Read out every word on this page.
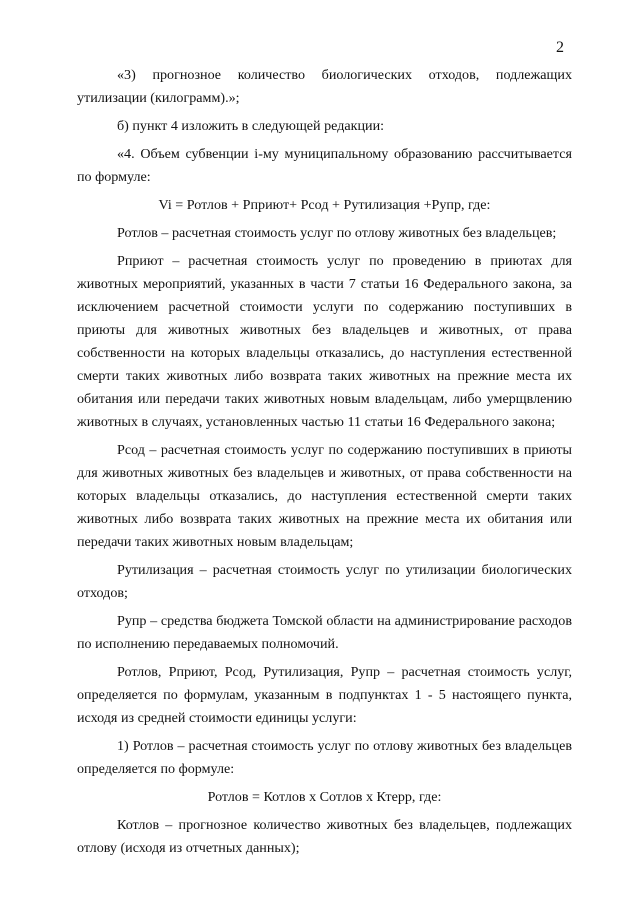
2

«3) прогнозное количество биологических отходов, подлежащих утилизации (килограмм).»;

б) пункт 4 изложить в следующей редакции:

«4. Объем субвенции i-му муниципальному образованию рассчитывается по формуле:

Vi = Ротлов + Рприют+ Рсод + Рутилизация +Рупр, где:

Ротлов – расчетная стоимость услуг по отлову животных без владельцев;

Рприют – расчетная стоимость услуг по проведению в приютах для животных мероприятий, указанных в части 7 статьи 16 Федерального закона, за исключением расчетной стоимости услуги по содержанию поступивших в приюты для животных животных без владельцев и животных, от права собственности на которых владельцы отказались, до наступления естественной смерти таких животных либо возврата таких животных на прежние места их обитания или передачи таких животных новым владельцам, либо умерщвлению животных в случаях, установленных частью 11 статьи 16 Федерального закона;

Рсод – расчетная стоимость услуг по содержанию поступивших в приюты для животных животных без владельцев и животных, от права собственности на которых владельцы отказались, до наступления естественной смерти таких животных либо возврата таких животных на прежние места их обитания или передачи таких животных новым владельцам;

Рутилизация – расчетная стоимость услуг по утилизации биологических отходов;

Рупр – средства бюджета Томской области на администрирование расходов по исполнению передаваемых полномочий.

Ротлов, Рприют, Рсод, Рутилизация, Рупр – расчетная стоимость услуг, определяется по формулам, указанным в подпунктах 1 - 5 настоящего пункта, исходя из средней стоимости единицы услуги:

1) Ротлов – расчетная стоимость услуг по отлову животных без владельцев определяется по формуле:

Ротлов = Котлов x Сотлов x Ктерр, где:

Котлов – прогнозное количество животных без владельцев, подлежащих отлову (исходя из отчетных данных);
